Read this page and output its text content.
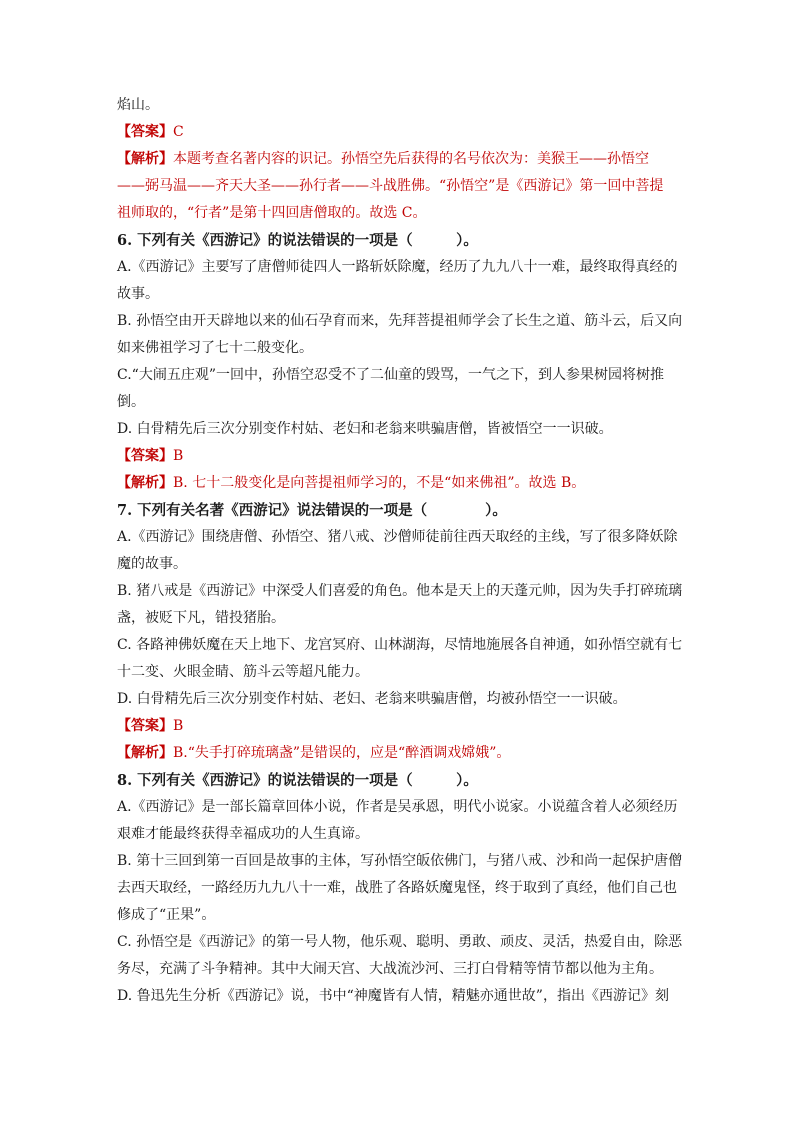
焰山。
【答案】C
【解析】本题考查名著内容的识记。孙悟空先后获得的名号依次为：美猴王——孙悟空
——弼马温——齐天大圣——孙行者——斗战胜佛。“孙悟空”是《西游记》第一回中菩提
祖师取的，“行者”是第十四回唐僧取的。故选 C。
6. 下列有关《西游记》的说法错误的一项是（　　　）。
A.《西游记》主要写了唐僧师徒四人一路斩妖除魔，经历了九九八十一难，最终取得真经的
故事。
B. 孙悟空由开天辟地以来的仙石孕育而来，先拜菩提祖师学会了长生之道、筋斗云，后又向
如来佛祖学习了七十二般变化。
C.“大闹五庄观”一回中，孙悟空忍受不了二仙童的毁骂，一气之下，到人参果树园将树推
倒。
D. 白骨精先后三次分别变作村姑、老妇和老翁来哄骗唐僧，皆被悟空一一识破。
【答案】B
【解析】B. 七十二般变化是向菩提祖师学习的，不是“如来佛祖”。故选 B。
7. 下列有关名著《西游记》说法错误的一项是（　　　　）。
A.《西游记》围绕唐僧、孙悟空、猪八戒、沙僧师徒前往西天取经的主线，写了很多降妖除
魔的故事。
B. 猪八戒是《西游记》中深受人们喜爱的角色。他本是天上的天蓬元帅，因为失手打碎琉璃
盏，被贬下凡，错投猪胎。
C. 各路神佛妖魔在天上地下、龙宫冥府、山林湖海，尽情地施展各自神通，如孙悟空就有七
十二变、火眼金睛、筋斗云等超凡能力。
D. 白骨精先后三次分别变作村姑、老妇、老翁来哄骗唐僧，均被孙悟空一一识破。
【答案】B
【解析】B.“失手打碎琉璃盏”是错误的，应是“醉酒调戏嫦娥”。
8. 下列有关《西游记》的说法错误的一项是（　　　）。
A.《西游记》是一部长篇章回体小说，作者是吴承恩，明代小说家。小说蕴含着人必须经历
艰难才能最终获得幸福成功的人生真谛。
B. 第十三回到第一百回是故事的主体，写孙悟空皈依佛门，与猪八戒、沙和尚一起保护唐僧
去西天取经，一路经历九九八十一难，战胜了各路妖魔鬼怪，终于取到了真经，他们自己也
修成了“正果”。
C. 孙悟空是《西游记》的第一号人物，他乐观、聪明、勇敢、顽皮、灵活，热爱自由，除恶
务尽，充满了斗争精神。其中大闹天宫、大战流沙河、三打白骨精等情节都以他为主角。
D. 鲁迅先生分析《西游记》说，书中“神魔皆有人情，精魅亦通世故”，指出《西游记》刻
